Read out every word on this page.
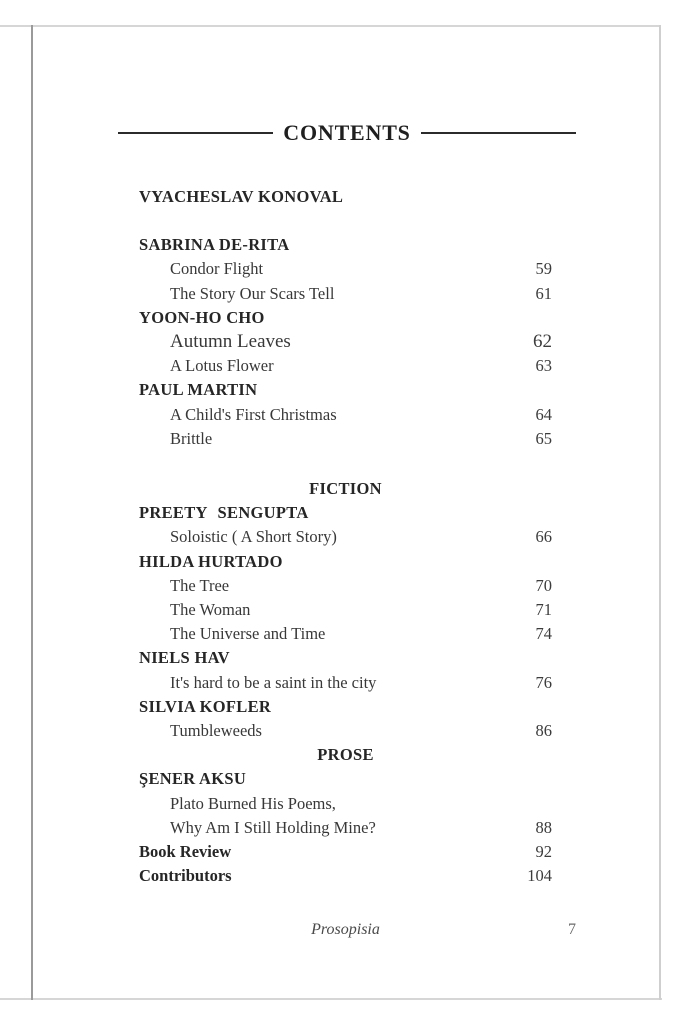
CONTENTS
VYACHESLAV KONOVAL
SABRINA DE-RITA
Condor Flight	59
The Story Our Scars Tell	61
YOON-HO CHO
Autumn Leaves	62
A Lotus Flower	63
PAUL MARTIN
A Child's First Christmas	64
Brittle	65
FICTION
PREETY SENGUPTA
Soloistic ( A Short Story)	66
HILDA HURTADO
The Tree	70
The Woman	71
The Universe and Time	74
NIELS HAV
It's hard to be a saint in the city	76
SILVIA KOFLER
Tumbleweeds	86
PROSE
ŞENER AKSU
Plato Burned His Poems,
Why Am I Still Holding Mine?	88
Book Review	92
Contributors	104
Prosopisia	7
